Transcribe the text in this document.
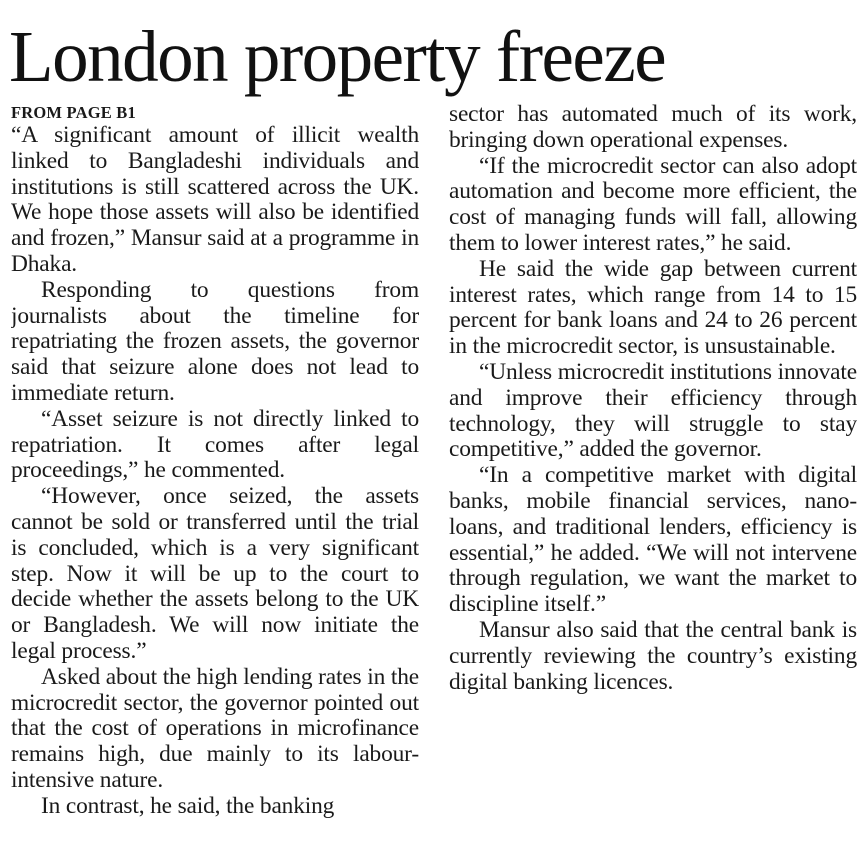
London property freeze
FROM PAGE B1

“A significant amount of illicit wealth linked to Bangladeshi individuals and institutions is still scattered across the UK. We hope those assets will also be identified and frozen,” Mansur said at a programme in Dhaka.

Responding to questions from journalists about the timeline for repatriating the frozen assets, the governor said that seizure alone does not lead to immediate return.

“Asset seizure is not directly linked to repatriation. It comes after legal proceedings,” he commented.

“However, once seized, the assets cannot be sold or transferred until the trial is concluded, which is a very significant step. Now it will be up to the court to decide whether the assets belong to the UK or Bangladesh. We will now initiate the legal process.”

Asked about the high lending rates in the microcredit sector, the governor pointed out that the cost of operations in microfinance remains high, due mainly to its labour-intensive nature.

In contrast, he said, the banking

sector has automated much of its work, bringing down operational expenses.

“If the microcredit sector can also adopt automation and become more efficient, the cost of managing funds will fall, allowing them to lower interest rates,” he said.

He said the wide gap between current interest rates, which range from 14 to 15 percent for bank loans and 24 to 26 percent in the microcredit sector, is unsustainable.

“Unless microcredit institutions innovate and improve their efficiency through technology, they will struggle to stay competitive,” added the governor.

“In a competitive market with digital banks, mobile financial services, nano-loans, and traditional lenders, efficiency is essential,” he added. “We will not intervene through regulation, we want the market to discipline itself.”

Mansur also said that the central bank is currently reviewing the country’s existing digital banking licences.
